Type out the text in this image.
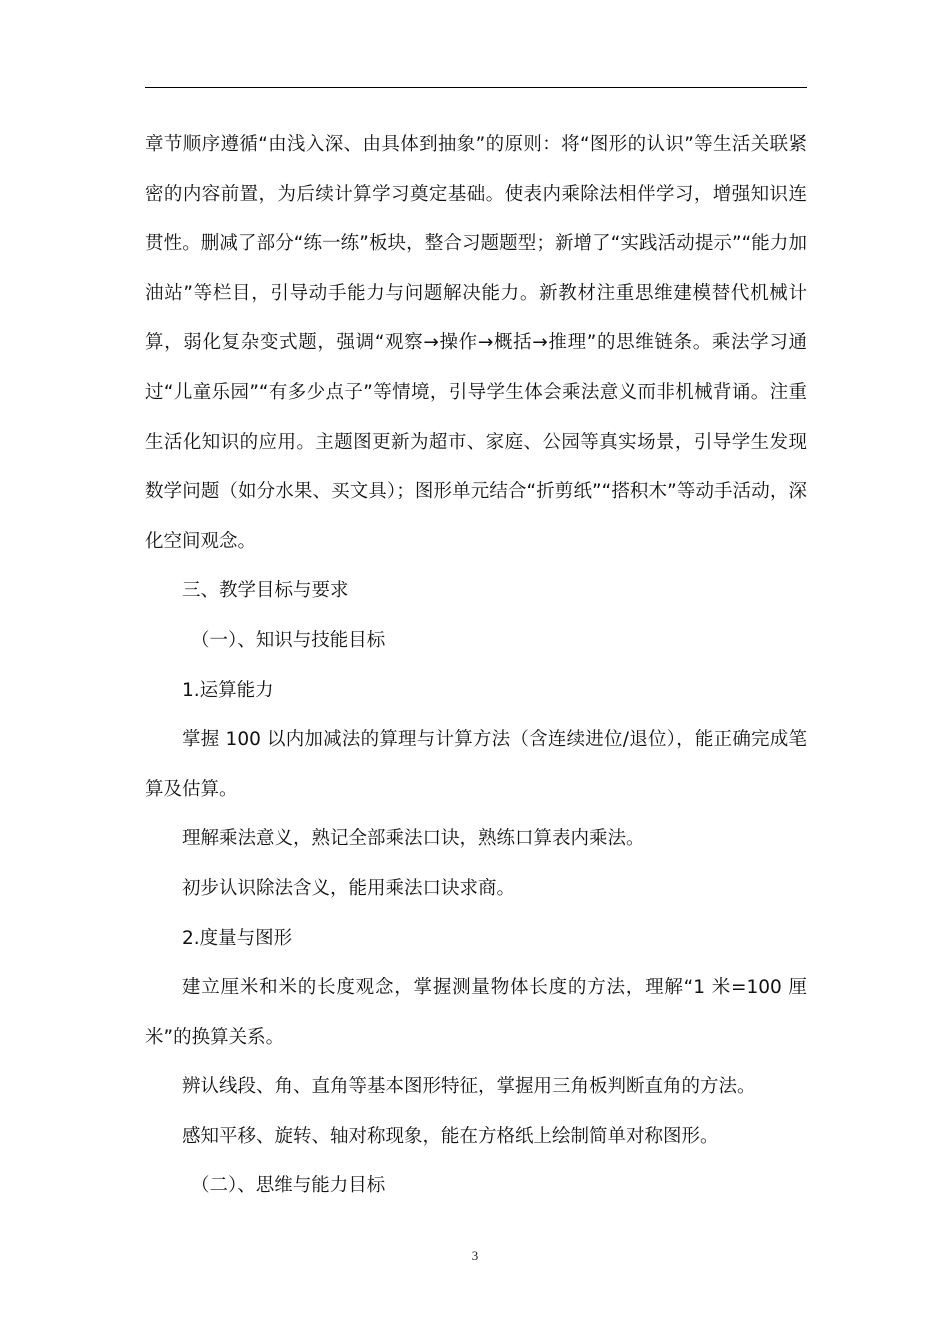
章节顺序遵循“由浅入深、由具体到抽象”的原则：将“图形的认识”等生活关联紧密的内容前置，为后续计算学习奠定基础。使表内乘除法相伴学习，增强知识连贯性。删减了部分“练一练”板块，整合习题题型；新增了“实践活动提示”“能力加油站”等栏目，引导动手能力与问题解决能力。新教材注重思维建模替代机械计算，弱化复杂变式题，强调“观察→操作→概括→推理”的思维链条。乘法学习通过“儿童乐园”“有多少点子”等情境，引导学生体会乘法意义而非机械背诵。注重生活化知识的应用。主题图更新为超市、家庭、公园等真实场景，引导学生发现数学问题（如分水果、买文具）；图形单元结合“折剪纸”“搭积木”等动手活动，深化空间观念。

三、教学目标与要求

（一）、知识与技能目标

1.运算能力

掌握 100 以内加减法的算理与计算方法（含连续进位/退位），能正确完成笔算及估算。

理解乘法意义，熟记全部乘法口诀，熟练口算表内乘法。

初步认识除法含义，能用乘法口诀求商。

2.度量与图形

建立厘米和米的长度观念，掌握测量物体长度的方法，理解“1 米=100 厘米”的换算关系。

辨认线段、角、直角等基本图形特征，掌握用三角板判断直角的方法。

感知平移、旋转、轴对称现象，能在方格纸上绘制简单对称图形。

（二）、思维与能力目标

3
